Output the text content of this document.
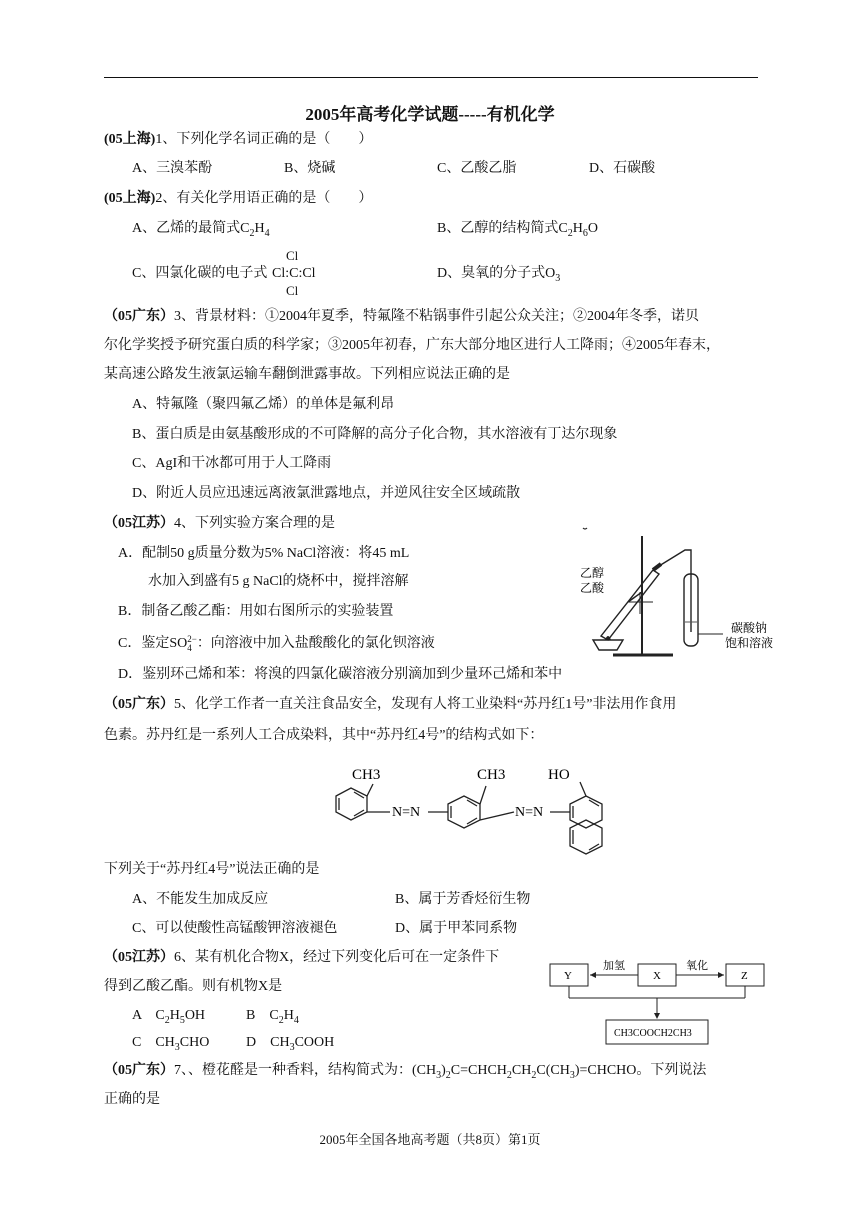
2005年高考化学试题-----有机化学
(05上海)1、下列化学名词正确的是（　　）
A、三溴苯酚	B、烧碱	C、乙酸乙脂	D、石碳酸
(05上海)2、有关化学用语正确的是（　　）
A、乙烯的最简式$C_2H_4$	B、乙醇的结构简式$C_2H_6O$
C、四氯化碳的电子式
Cl
Cl:C:Cl
Cl
D、臭氧的分子式$O_3$
（05广东）3、背景材料：①2004年夏季，特氟隆不粘锅事件引起公众关注；②2004年冬季，诺贝
尔化学奖授予研究蛋白质的科学家；③2005年初春，广东大部分地区进行人工降雨；④2005年春末，
某高速公路发生液氯运输车翻倒泄露事故。下列相应说法正确的是
A、特氟隆（聚四氟乙烯）的单体是氟利昂
B、蛋白质是由氨基酸形成的不可降解的高分子化合物，其水溶液有丁达尔现象
C、AgI和干冰都可用于人工降雨
D、附近人员应迅速远离液氯泄露地点，并逆风往安全区域疏散
（05江苏）4、下列实验方案合理的是
A．配制50 g质量分数为5% NaCl溶液：将45 mL
水加入到盛有5 g NaCl的烧杯中，搅拌溶解
B．制备乙酸乙酯：用如右图所示的实验装置
C．鉴定SO 2−
4 ：向溶液中加入盐酸酸化的氯化钡溶液
D．鉴别环己烯和苯：将溴的四氯化碳溶液分别滴加到少量环己烯和苯中
乙醇
乙酸
碳酸钠
饱和溶液
（05广东）5、化学工作者一直关注食品安全，发现有人将工业染料“苏丹红1号”非法用作食用
色素。苏丹红是一系列人工合成染料，其中“苏丹红4号”的结构式如下：
CH3	CH3	HO
N=N	N=N
下列关于“苏丹红4号”说法正确的是
A、不能发生加成反应	B、属于芳香烃衍生物
C、可以使酸性高锰酸钾溶液褪色	D、属于甲苯同系物
（05江苏）6、某有机化合物X，经过下列变化后可在一定条件下
得到乙酸乙酯。则有机物X是
A　$C_2H_5OH$	B　$C_2H_4$
C　$CH_3CHO$	D　$CH_3COOH$
Y	X	Z
加氢	氧化
CH3COOCH2CH3
（05广东）7、、橙花醛是一种香料，结构简式为：$(CH_3)_2C=CHCH_2CH_2C(CH_3)=CHCHO$。下列说法
正确的是
2005年全国各地高考题（共8页）第1页
